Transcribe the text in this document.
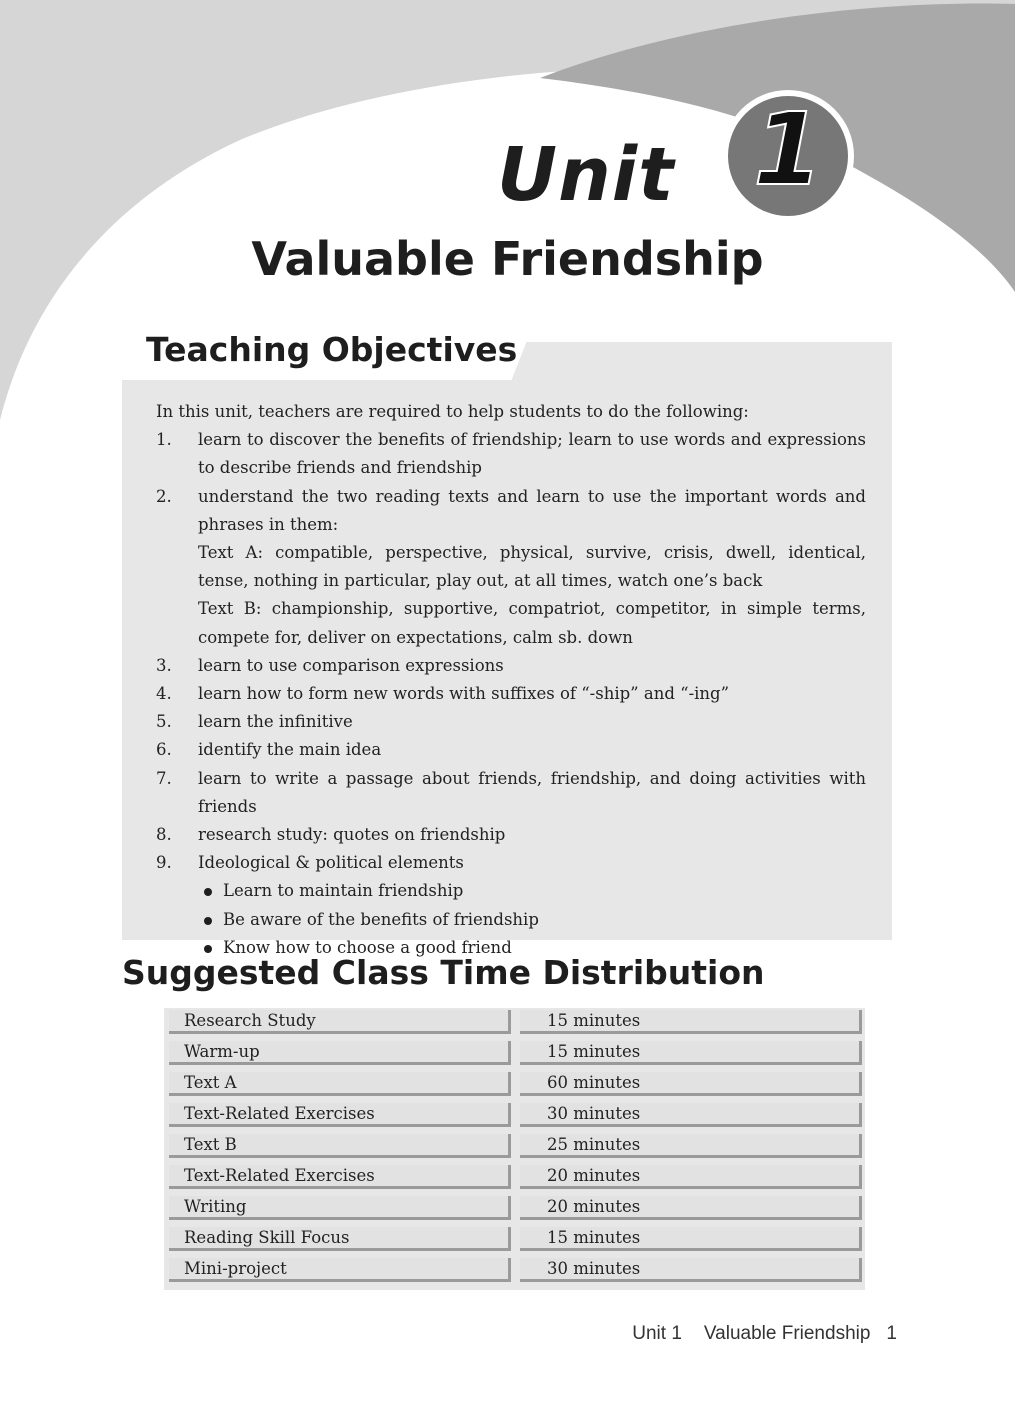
Unit 1
Valuable Friendship
Teaching Objectives
In this unit, teachers are required to help students to do the following:
1. learn to discover the benefits of friendship; learn to use words and expressions to describe friends and friendship
2. understand the two reading texts and learn to use the important words and phrases in them:
Text A: compatible, perspective, physical, survive, crisis, dwell, identical, tense, nothing in particular, play out, at all times, watch one’s back
Text B: championship, supportive, compatriot, competitor, in simple terms, compete for, deliver on expectations, calm sb. down
3. learn to use comparison expressions
4. learn how to form new words with suffixes of “-ship” and “-ing”
5. learn the infinitive
6. identify the main idea
7. learn to write a passage about friends, friendship, and doing activities with friends
8. research study: quotes on friendship
9. Ideological & political elements
Learn to maintain friendship
Be aware of the benefits of friendship
Know how to choose a good friend
Suggested Class Time Distribution
Research Study	15 minutes
Warm-up	15 minutes
Text A	60 minutes
Text-Related Exercises	30 minutes
Text B	25 minutes
Text-Related Exercises	20 minutes
Writing	20 minutes
Reading Skill Focus	15 minutes
Mini-project	30 minutes
Unit 1 Valuable Friendship 1
